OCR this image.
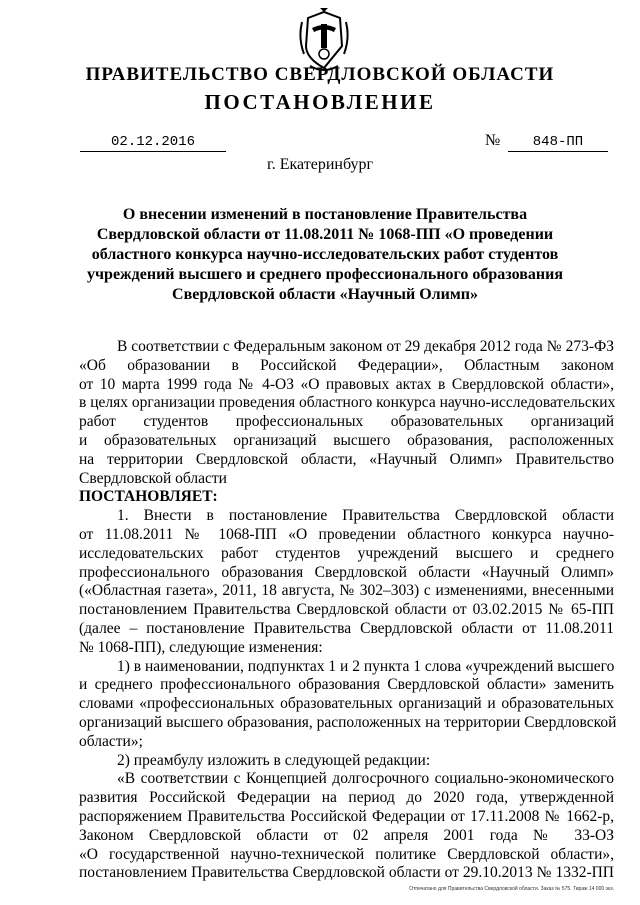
ПРАВИТЕЛЬСТВО СВЕРДЛОВСКОЙ ОБЛАСТИ
ПОСТАНОВЛЕНИЕ
02.12.2016	№	848-ПП
г. Екатеринбург
О внесении изменений в постановление Правительства Свердловской области от 11.08.2011 № 1068-ПП «О проведении областного конкурса научно-исследовательских работ студентов учреждений высшего и среднего профессионального образования Свердловской области «Научный Олимп»
В соответствии с Федеральным законом от 29 декабря 2012 года № 273-ФЗ
«Об образовании в Российской Федерации», Областным законом
от 10 марта 1999 года № 4-ОЗ «О правовых актах в Свердловской области»,
в целях организации проведения областного конкурса научно-исследовательских
работ студентов профессиональных образовательных организаций
и образовательных организаций высшего образования, расположенных
на территории Свердловской области, «Научный Олимп» Правительство
Свердловской области
ПОСТАНОВЛЯЕТ:
1. Внести в постановление Правительства Свердловской области
от 11.08.2011 № 1068-ПП «О проведении областного конкурса научно-
исследовательских работ студентов учреждений высшего и среднего
профессионального образования Свердловской области «Научный Олимп»
(«Областная газета», 2011, 18 августа, № 302–303) с изменениями, внесенными
постановлением Правительства Свердловской области от 03.02.2015 № 65-ПП
(далее – постановление Правительства Свердловской области от 11.08.2011
№ 1068-ПП), следующие изменения:
1) в наименовании, подпунктах 1 и 2 пункта 1 слова «учреждений высшего
и среднего профессионального образования Свердловской области» заменить
словами «профессиональных образовательных организаций и образовательных
организаций высшего образования, расположенных на территории Свердловской
области»;
2) преамбулу изложить в следующей редакции:
«В соответствии с Концепцией долгосрочного социально-экономического
развития Российской Федерации на период до 2020 года, утвержденной
распоряжением Правительства Российской Федерации от 17.11.2008 № 1662-р,
Законом Свердловской области от 02 апреля 2001 года № 33-ОЗ
«О государственной научно-технической политике Свердловской области»,
постановлением Правительства Свердловской области от 29.10.2013 № 1332-ПП
Отпечатано для Правительства Свердловской области. Заказ № 575. Тираж 14 000 экз.
